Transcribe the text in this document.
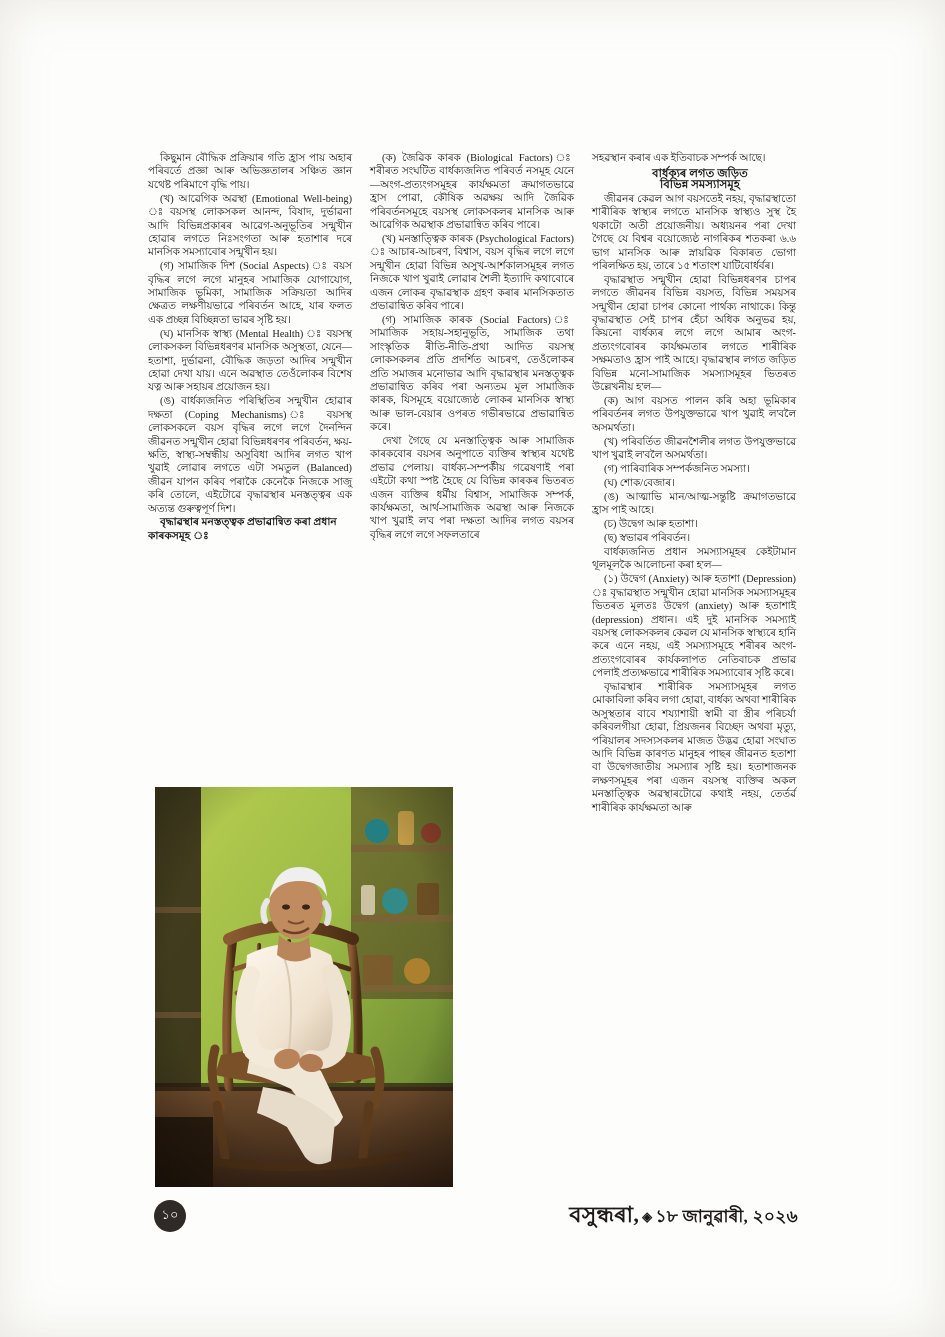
কিছুমান বৌদ্ধিক প্ৰক্ৰিয়াৰ গতি হ্ৰাস পায় অহাৰ পৰিবৰ্তে প্ৰজ্ঞা আৰু অভিজ্ঞতালৰ সঞ্চিত জ্ঞান যথেষ্ট পৰিমাণে বৃদ্ধি পায়।

(খ) আৱেগিক অৱস্থা (Emotional Well-being) ঃ বয়সস্থ লোকসকল আনন্দ, বিষাদ, দুৰ্ভাৱনা আদি বিভিন্নপ্ৰকাৰৰ আৱেগ-অনুভূতিৰ সন্মুখীন হোৱাৰ লগতে নিঃসংগতা আৰু হতাশাৰ দৰে মানসিক সমস্যাবোৰ সন্মুখীন হয়।

(গ) সামাজিক দিশ (Social Aspects) ঃ বয়স বৃদ্ধিৰ লগে লগে মানুহৰ সামাজিক যোগাযোগ, সামাজিক ভূমিকা, সামাজিক সক্ৰিয়তা আদিৰ ক্ষেত্ৰত লক্ষণীয়ভাৱে পৰিবৰ্তন আহে, যাৰ ফলত এক প্ৰচ্ছন্ন বিচ্ছিন্নতা ভাৱৰ সৃষ্টি হয়।

(ঘ) মানসিক স্বাস্থ্য (Mental Health) ঃ বয়সস্থ লোকসকল বিভিন্নধৰণৰ মানসিক অসুস্থতা, যেনে— হতাশা, দুৰ্ভাৱনা, বৌদ্ধিক জড়তা আদিৰ সন্মুখীন হোৱা দেখা যায়। এনে অৱস্থাত তেওঁলোকৰ বিশেষ যত্ন আৰু সহায়ৰ প্ৰয়োজন হয়।

(ঙ) বাৰ্ধক্যজনিত পৰিস্থিতিৰ সন্মুখীন হোৱাৰ দক্ষতা (Coping Mechanisms) ঃ বয়সস্থ লোকসকলে বয়স বৃদ্ধিৰ লগে লগে দৈনন্দিন জীৱনত সন্মুখীন হোৱা বিভিন্নধৰণৰ পৰিবৰ্তন, ক্ষয়-ক্ষতি, স্বাস্থ্য-সম্বন্ধীয় অসুবিধা আদিৰ লগত খাপ খুৱাই লোৱাৰ লগতে এটা সমতুল (Balanced) জীৱন যাপন কৰিব পৰাকৈ কেনেকৈ নিজকে সাজু কৰি তোলে, এইটোৱে বৃদ্ধাৱস্থাৰ মনস্তত্ত্বৰ এক অত্যন্ত গুৰুত্বপূৰ্ণ দিশ।

বৃদ্ধাৱস্থাৰ মনস্তত্ত্বক প্ৰভাৱান্বিত কৰা প্ৰধান কাৰকসমূহ ঃ

(ক) জৈৱিক কাৰক (Biological Factors) ঃ শৰীৰত সংঘটিত বাৰ্ধক্যজনিত পৰিবৰ্ত নসমূহ যেনে—অংগ-প্ৰত্যংগসমূহৰ কাৰ্যক্ষমতা ক্ৰমাগতভাৱে হ্ৰাস পোৱা, কৌষিক অৱক্ষয় আদি জৈৱিক পৰিবৰ্তনসমূহে বয়সস্থ লোকসকলৰ মানসিক আৰু আৱেগিক অৱস্থাক প্ৰভাৱান্বিত কৰিব পাৰে।

(খ) মনস্তাত্ত্বিক কাৰক (Psychological Factors) ঃ আচাৰ-আচৰণ, বিশ্বাস, বয়স বৃদ্ধিৰ লগে লগে সন্মুখীন হোৱা বিভিন্ন অসুখ-আৰ্শকালসমূহৰ লগত নিজকে খাপ খুৱাই লোৱাৰ শৈলী ইত্যাদি কথাবোৰে এজন লোকৰ বৃদ্ধাৱস্থাক গ্ৰহণ কৰাৰ মানসিকতাত প্ৰভাৱান্বিত কৰিব পাৰে।

(গ) সামাজিক কাৰক (Social Factors) ঃ সামাজিক সহায়-সহানুভূতি, সামাজিক তথা সাংস্কৃতিক ৰীতি-নীতি-প্ৰথা আদিত বয়সস্থ লোকসকলৰ প্ৰতি প্ৰদৰ্শিত আচৰণ, তেওঁলোকৰ প্ৰতি সমাজৰ মনোভাৱ আদি বৃদ্ধাৱস্থাৰ মনস্তত্ত্বক প্ৰভাৱান্বিত কৰিব পৰা অন্যতম মূল সামাজিক কাৰক, যিসমূহে বয়োজ্যেষ্ঠ লোকৰ মানসিক স্বাস্থ্য আৰু ভাল-বেয়াৰ ওপৰত গভীৰভাৱে প্ৰভাৱান্বিত কৰে।

দেখা গৈছে যে মনস্তাত্ত্বিক আৰু সামাজিক কাৰকবোৰ বয়সৰ অনুপাতে ব্যক্তিৰ স্বাস্থ্যৰ যথেষ্ট প্ৰভাৱ পেলায়। বাৰ্ধক্য-সম্পৰ্কীয় গৱেষণাই পৰা এইটো কথা স্পষ্ট হৈছে যে বিভিন্ন কাৰকৰ ভিতৰত এজন ব্যক্তিৰ ধৰ্মীয় বিশ্বাস, সামাজিক সম্পৰ্ক, কাৰ্যক্ষমতা, আৰ্থ-সামাজিক অৱস্থা আৰু নিজকে খাপ খুৱাই ল'ব পৰা দক্ষতা আদিৰ লগত বয়সৰ বৃদ্ধিৰ লগে লগে সফলতাৰে

সহৱস্থান কৰাৰ এক ইতিবাচক সম্পৰ্ক আছে।

বাৰ্ধক্যৰ লগত জড়িত

বিভিন্ন সমস্যাসমূহ

জীৱনৰ কেৱল আগ বয়সতেই নহয়, বৃদ্ধাৱস্থাতো শাৰীৰিক স্বাস্থ্যৰ লগতে মানসিক স্বাস্থ্যও সুস্থ হৈ থকাটো অতী প্ৰয়োজনীয়। অধ্যয়নৰ পৰা দেখা গৈছে যে বিশ্বৰ বয়োজ্যেষ্ঠ নাগৰিকৰ শতকৰা ৬.৬ ভাগ মানসিক আৰু স্নায়ৱিক বিকাৰত ভোগা পৰিলক্ষিত হয়, তাৰে ১৫ শতাংশ যাটিবোৰ্ধৰ্বৰ।

বৃদ্ধাৱস্থাত সন্মুখীন হোৱা বিভিন্নধৰণৰ চাপৰ লগতে জীৱনৰ বিভিন্ন বয়সত, বিভিন্ন সময়সৰ সন্মুখীন হোৱা চাপৰ কোনো পাৰ্থক্য নাথাকে। কিন্তু বৃদ্ধাৱস্থাত সেই চাপৰ হেঁচা অধিক অনুভৱ হয়, কিয়নো বাৰ্ধক্যৰ লগে লগে আমাৰ অংগ-প্ৰত্যংগবোৰৰ কাৰ্যক্ষমতাৰ লগতে শাৰীৰিক সক্ষমতাও হ্ৰাস পাই আহে। বৃদ্ধাৱস্থাৰ লগত জড়িত বিভিন্ন মনো-সামাজিক সমস্যাসমূহৰ ভিতৰত উল্লেখনীয় হ'ল—

(ক) আগ বয়সত পালন কৰি অহা ভূমিকাৰ পৰিবৰ্তনৰ লগত উপযুক্তভাৱে খাপ খুৱাই ল'বলৈ অসমৰ্থতা।

(খ) পৰিবৰ্তিত জীৱনশৈলীৰ লগত উপযুক্তভাৱে খাপ খুৱাই ল'বলৈ অসমৰ্থতা।

(গ) পাৰিবাৰিক সম্পৰ্কজনিত সমস্যা।

(ঘ) শোক/বেজাৰ।

(ঙ) আত্মাভি মান/আত্ম-সন্তুষ্টি ক্ৰমাগতভাৱে হ্ৰাস পাই আহে।

(চ) উদ্বেগ আৰু হতাশা।

(ছ) স্বভাৱৰ পৰিবৰ্তন।

বাৰ্ধক্যজনিত প্ৰধান সমস্যাসমূহৰ কেইটামান থূলমূলকৈ আলোচনা কৰা হ'ল—

(১) উদ্বেগ (Anxiety) আৰু হতাশা (Depression) ঃ বৃদ্ধাৱস্থাত সন্মুখীন হোৱা মানসিক সমস্যাসমূহৰ ভিতৰত মূলতঃ উদ্বেগ (anxiety) আৰু হতাশাই (depression) প্ৰধান। এই দুই মানসিক সমস্যাই বয়সস্থ লোকসকলৰ কেৱল যে মানসিক স্বাস্থ্যৰে হানি কৰে এনে নহয়, এই সমস্যাসমূহে শৰীৰৰ অংগ-প্ৰত্যংগবোৰৰ কাৰ্যকলাপত নেতিবাচক প্ৰভাৱ পেলাই প্ৰত্যক্ষভাৱে শাৰীৰিক সমস্যাবোৰ সৃষ্টি কৰে।

বৃদ্ধাৱস্থাৰ শাৰীৰিক সমস্যাসমূহৰ লগত মোকাবিলা কৰিব লগা হোৱা, বাৰ্ধক্য অথবা শাৰীৰিক অসুস্থতাৰ বাবে শয্যাশায়ী স্বামী বা স্ত্ৰীৰ পৰিচৰ্যা কৰিবলগীয়া হোৱা, প্ৰিয়জনৰ বিচ্ছেদ অথবা মৃত্যু, পৰিয়ালৰ সদস্যসকলৰ মাজত উদ্ভৱ হোৱা সংঘাত আদি বিভিন্ন কাৰণত মানুহৰ পাছৰ জীৱনত হতাশা বা উদ্বেগজাতীয় সমস্যাৰ সৃষ্টি হয়। হতাশাজনক লক্ষণসমূহৰ পৰা এজন বয়সস্থ ব্যক্তিৰ অকল মনস্তাত্ত্বিক অৱস্থাৰটোৱে কথাই নহয়, তেৰ্তৰ্ৱ শাৰীৰিক কাৰ্যক্ষমতা আৰু

১০	বসুন্ধৰা, ◈ ১৮ জানুৱাৰী, ২০২৬
